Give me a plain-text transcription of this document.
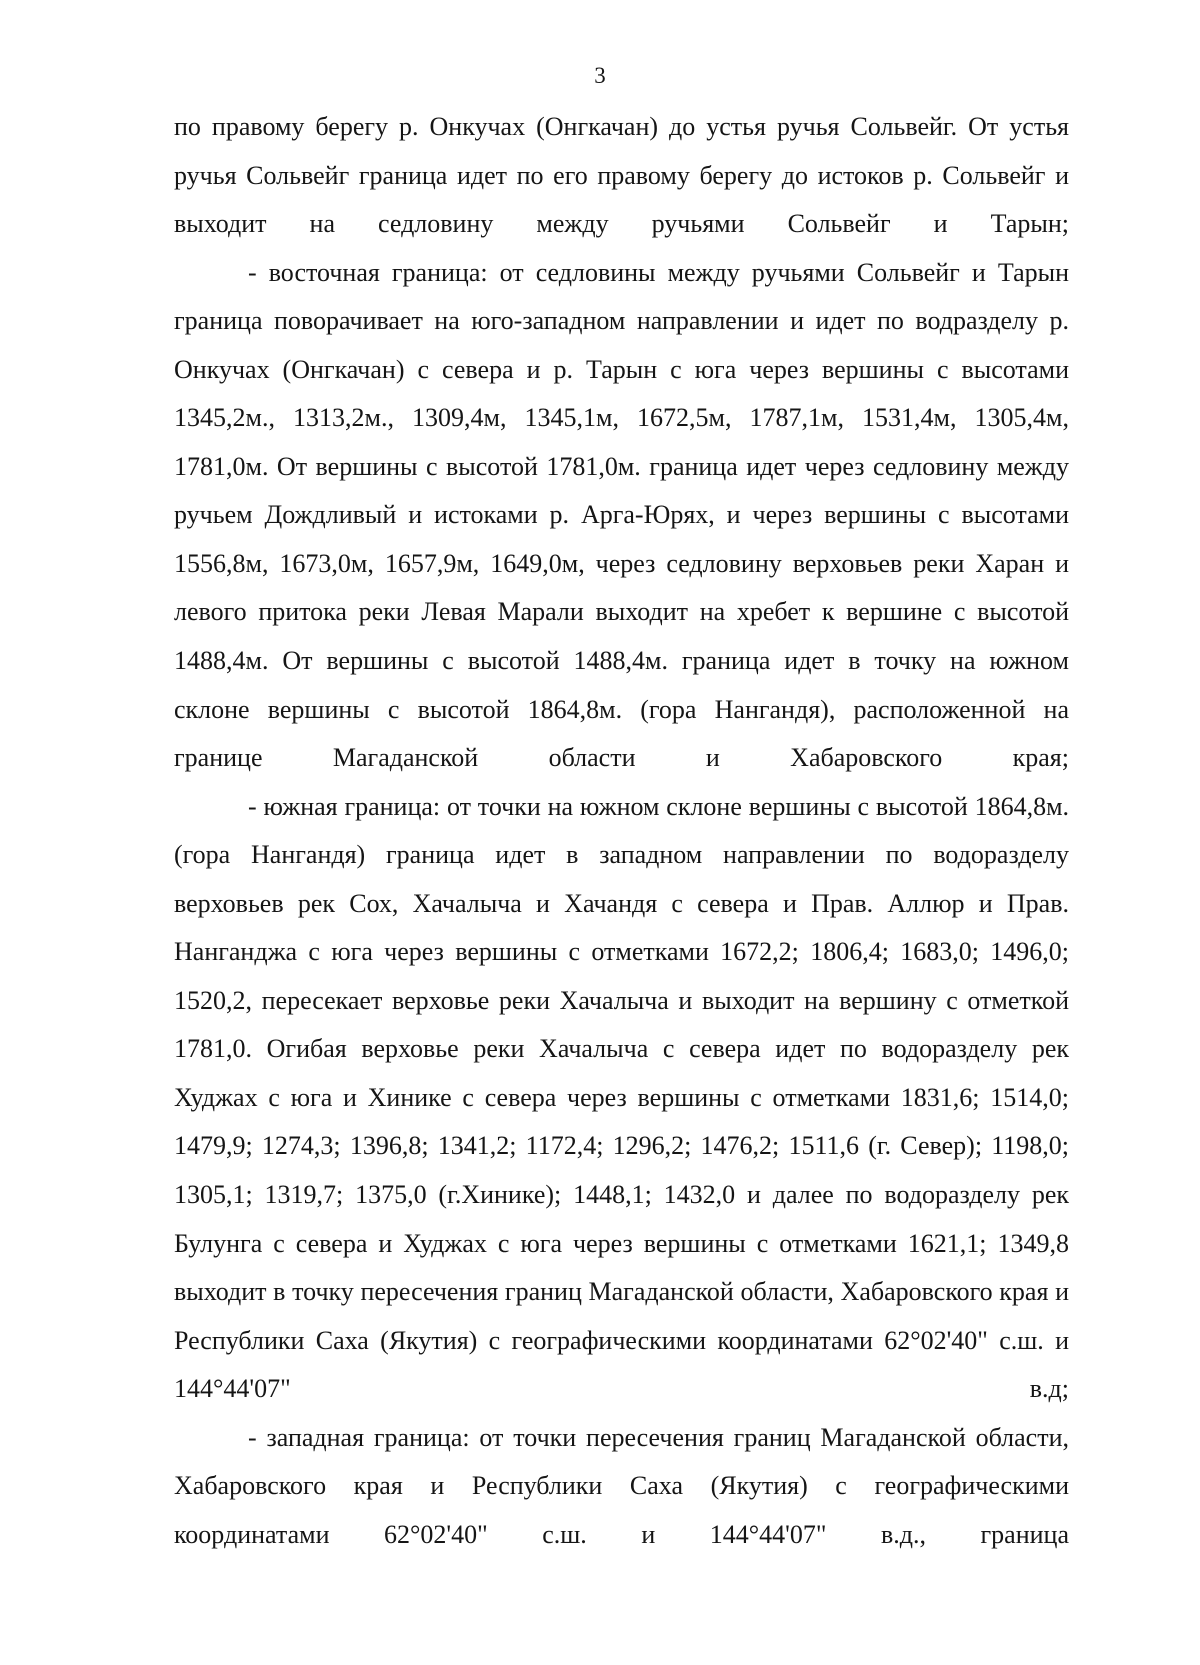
3

по правому берегу р. Онкучах (Онгкачан) до устья ручья Сольвейг. От устья ручья Сольвейг граница идет по его правому берегу до истоков р. Сольвейг и выходит на седловину между ручьями Сольвейг и Тарын;

- восточная граница: от седловины между ручьями Сольвейг и Тарын граница поворачивает на юго-западном направлении и идет по водразделу р. Онкучах (Онгкачан) с севера и р. Тарын с юга через вершины с высотами 1345,2м., 1313,2м., 1309,4м, 1345,1м, 1672,5м, 1787,1м, 1531,4м, 1305,4м, 1781,0м. От вершины с высотой 1781,0м. граница идет через седловину между ручьем Дождливый и истоками р. Арга-Юрях, и через вершины с высотами 1556,8м, 1673,0м, 1657,9м, 1649,0м, через седловину верховьев реки Харан и левого притока реки Левая Марали выходит на хребет к вершине с высотой 1488,4м. От вершины с высотой 1488,4м. граница идет в точку на южном склоне вершины с высотой 1864,8м. (гора Нангандя), расположенной на границе Магаданской области и Хабаровского края;

- южная граница: от точки на южном склоне вершины с высотой 1864,8м. (гора Нангандя) граница идет в западном направлении по водоразделу верховьев рек Сох, Хачалыча и Хачандя с севера и Прав. Аллюр и Прав. Нанганджа с юга через вершины с отметками 1672,2; 1806,4; 1683,0; 1496,0; 1520,2, пересекает верховье реки Хачалыча и выходит на вершину с отметкой 1781,0. Огибая верховье реки Хачалыча с севера идет по водоразделу рек Худжах с юга и Хинике с севера через вершины с отметками 1831,6; 1514,0; 1479,9; 1274,3; 1396,8; 1341,2; 1172,4; 1296,2; 1476,2; 1511,6 (г. Север); 1198,0; 1305,1; 1319,7; 1375,0 (г.Хинике); 1448,1; 1432,0 и далее по водоразделу рек Булунга с севера и Худжах с юга через вершины с отметками 1621,1; 1349,8 выходит в точку пересечения границ Магаданской области, Хабаровского края и Республики Саха (Якутия) с географическими координатами 62°02'40" с.ш. и 144°44'07" в.д;

- западная граница: от точки пересечения границ Магаданской области, Хабаровского края и Республики Саха (Якутия) с географическими координатами 62°02'40" с.ш. и 144°44'07" в.д., граница
